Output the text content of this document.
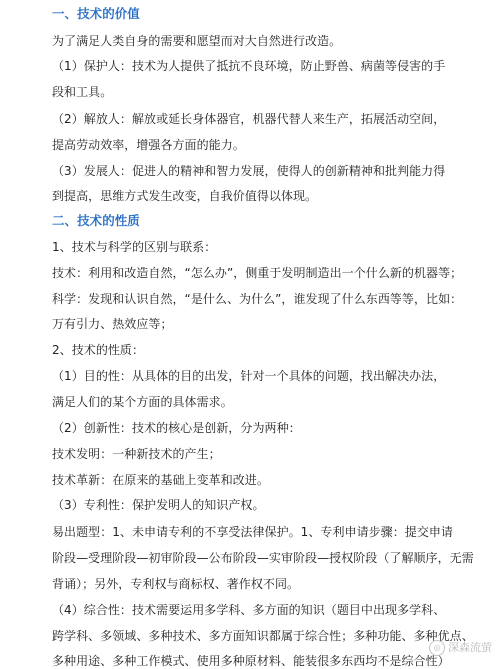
一、技术的价值
为了满足人类自身的需要和愿望而对大自然进行改造。
（1）保护人：技术为人提供了抵抗不良环境，防止野兽、病菌等侵害的手
段和工具。
（2）解放人：解放或延长身体器官，机器代替人来生产，拓展活动空间，
提高劳动效率，增强各方面的能力。
（3）发展人：促进人的精神和智力发展，使得人的创新精神和批判能力得
到提高，思维方式发生改变，自我价值得以体现。
二、技术的性质
1、技术与科学的区别与联系：
技术：利用和改造自然，“怎么办”，侧重于发明制造出一个什么新的机器等；
科学：发现和认识自然，“是什么、为什么”，谁发现了什么东西等等，比如：
万有引力、热效应等；
2、技术的性质：
（1）目的性：从具体的目的出发，针对一个具体的问题，找出解决办法，
满足人们的某个方面的具体需求。
（2）创新性：技术的核心是创新，分为两种：
技术发明：一种新技术的产生；
技术革新：在原来的基础上变革和改进。
（3）专利性：保护发明人的知识产权。
易出题型：1、未申请专利的不享受法律保护。1、专利申请步骤：提交申请
阶段—受理阶段—初审阶段—公布阶段—实审阶段—授权阶段（了解顺序，无需
背诵）；另外，专利权与商标权、著作权不同。
（4）综合性：技术需要运用多学科、多方面的知识（题目中出现多学科、
跨学科、多领域、多种技术、多方面知识都属于综合性；多种功能、多种优点、
多种用途、多种工作模式、使用多种原材料、能装很多东西均不是综合性）
◎ 深森流萤
